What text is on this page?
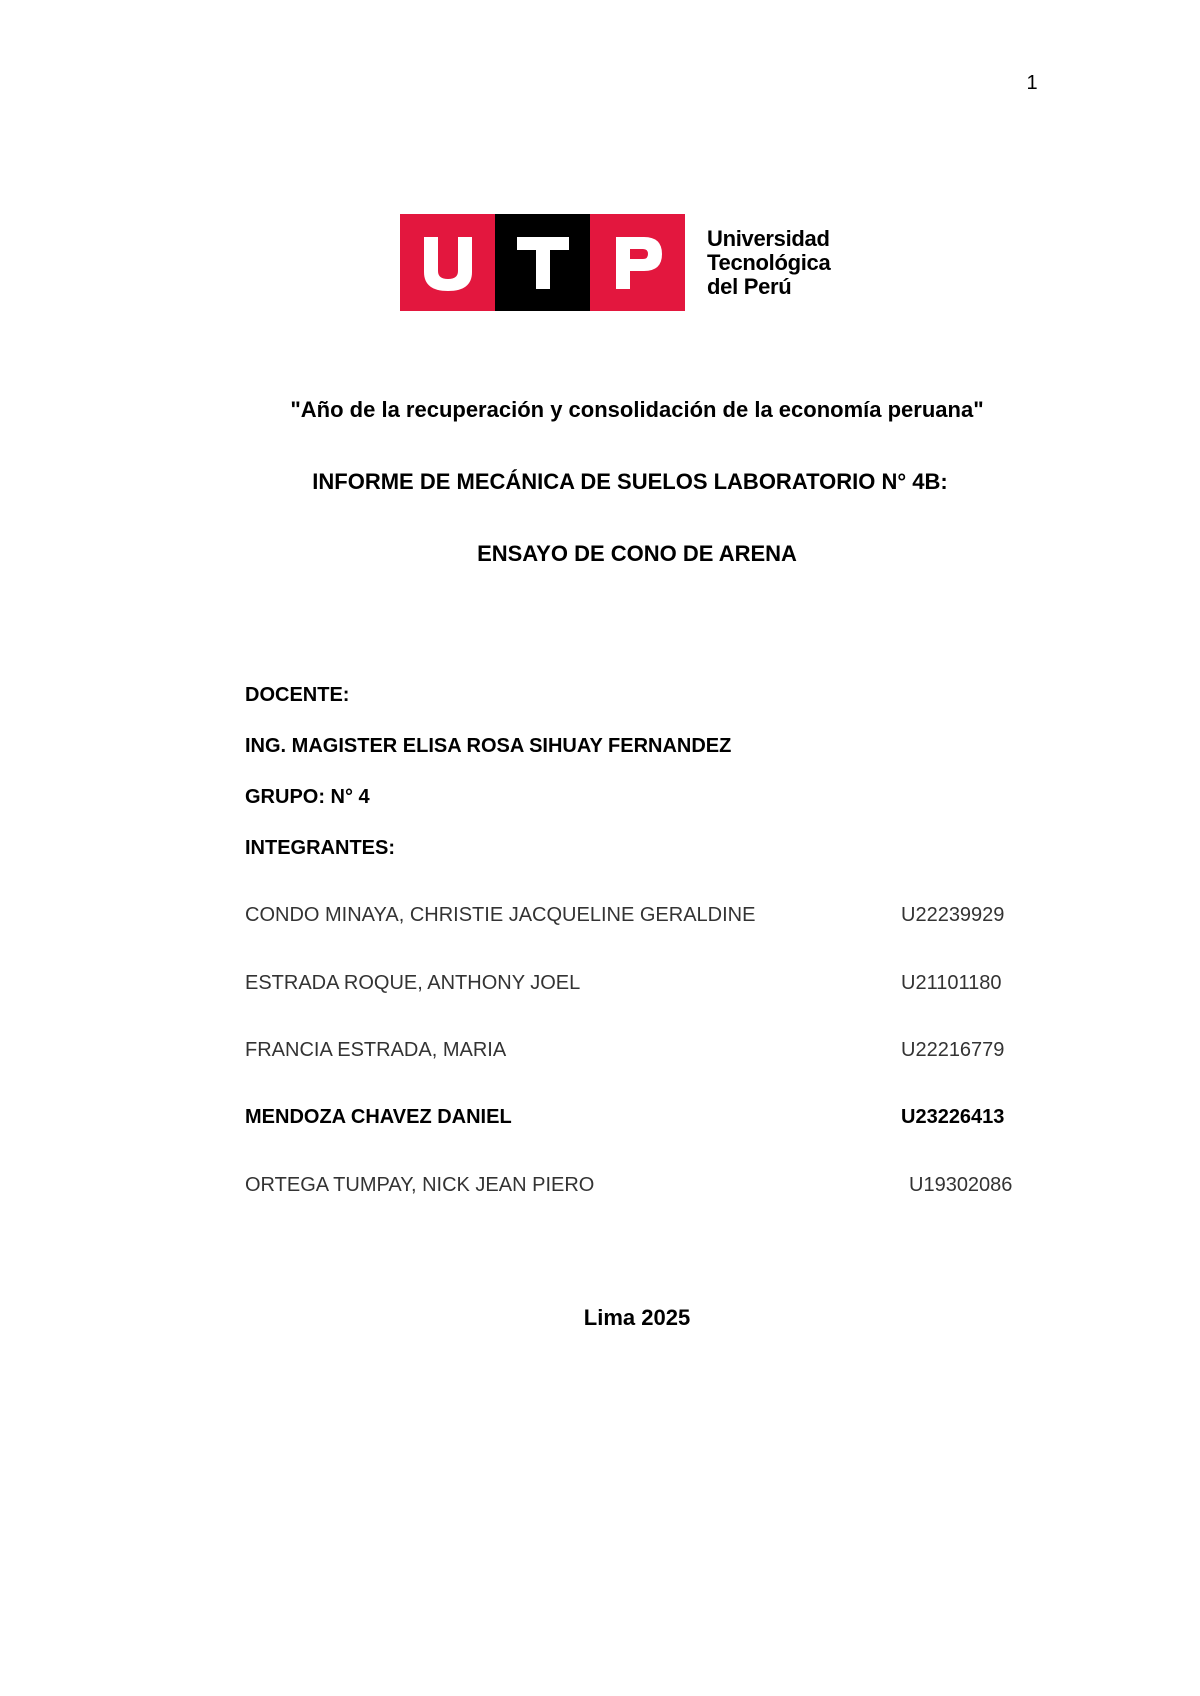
1
Universidad
Tecnológica
del Perú
"Año de la recuperación y consolidación de la economía peruana"
INFORME DE MECÁNICA DE SUELOS LABORATORIO N° 4B:
ENSAYO DE CONO DE ARENA
DOCENTE:
ING. MAGISTER ELISA ROSA SIHUAY FERNANDEZ
GRUPO: N° 4
INTEGRANTES:
CONDO MINAYA, CHRISTIE JACQUELINE GERALDINE	U22239929
ESTRADA ROQUE, ANTHONY JOEL	U21101180
FRANCIA ESTRADA, MARIA	U22216779
MENDOZA CHAVEZ DANIEL	U23226413
ORTEGA TUMPAY, NICK JEAN PIERO	U19302086
Lima 2025
